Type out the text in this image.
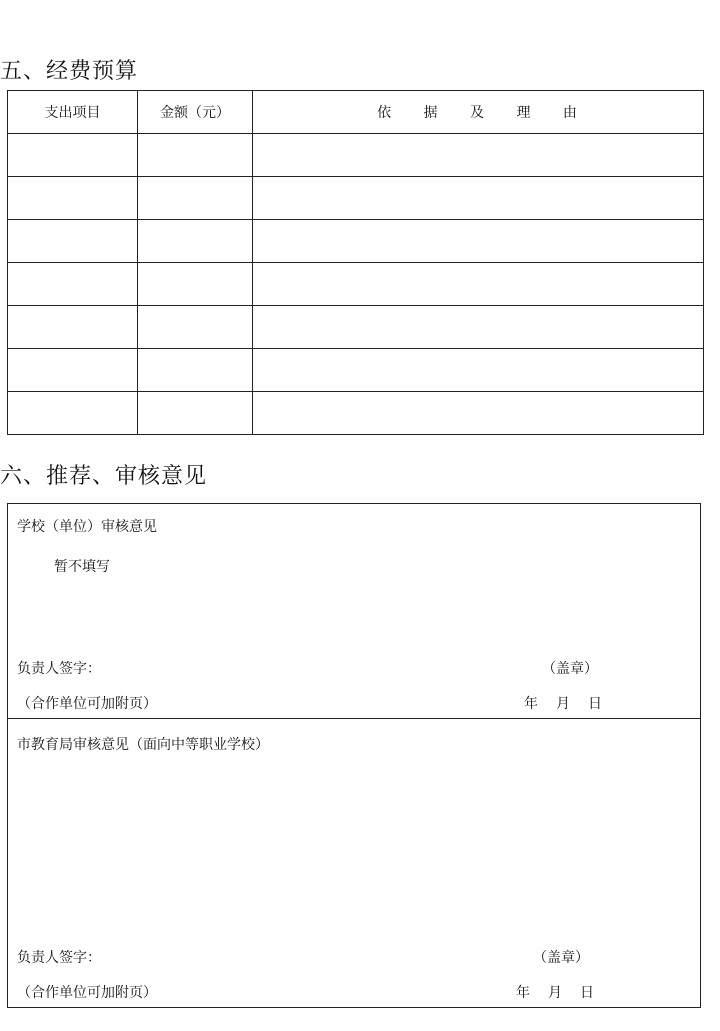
五、经费预算
支出项目	金额（元）	依 据 及 理 由

六、推荐、审核意见
学校（单位）审核意见
暂不填写
负责人签字：	（盖章）
（合作单位可加附页）	年 月 日
市教育局审核意见（面向中等职业学校）
负责人签字：	（盖章）
（合作单位可加附页）	年 月 日
